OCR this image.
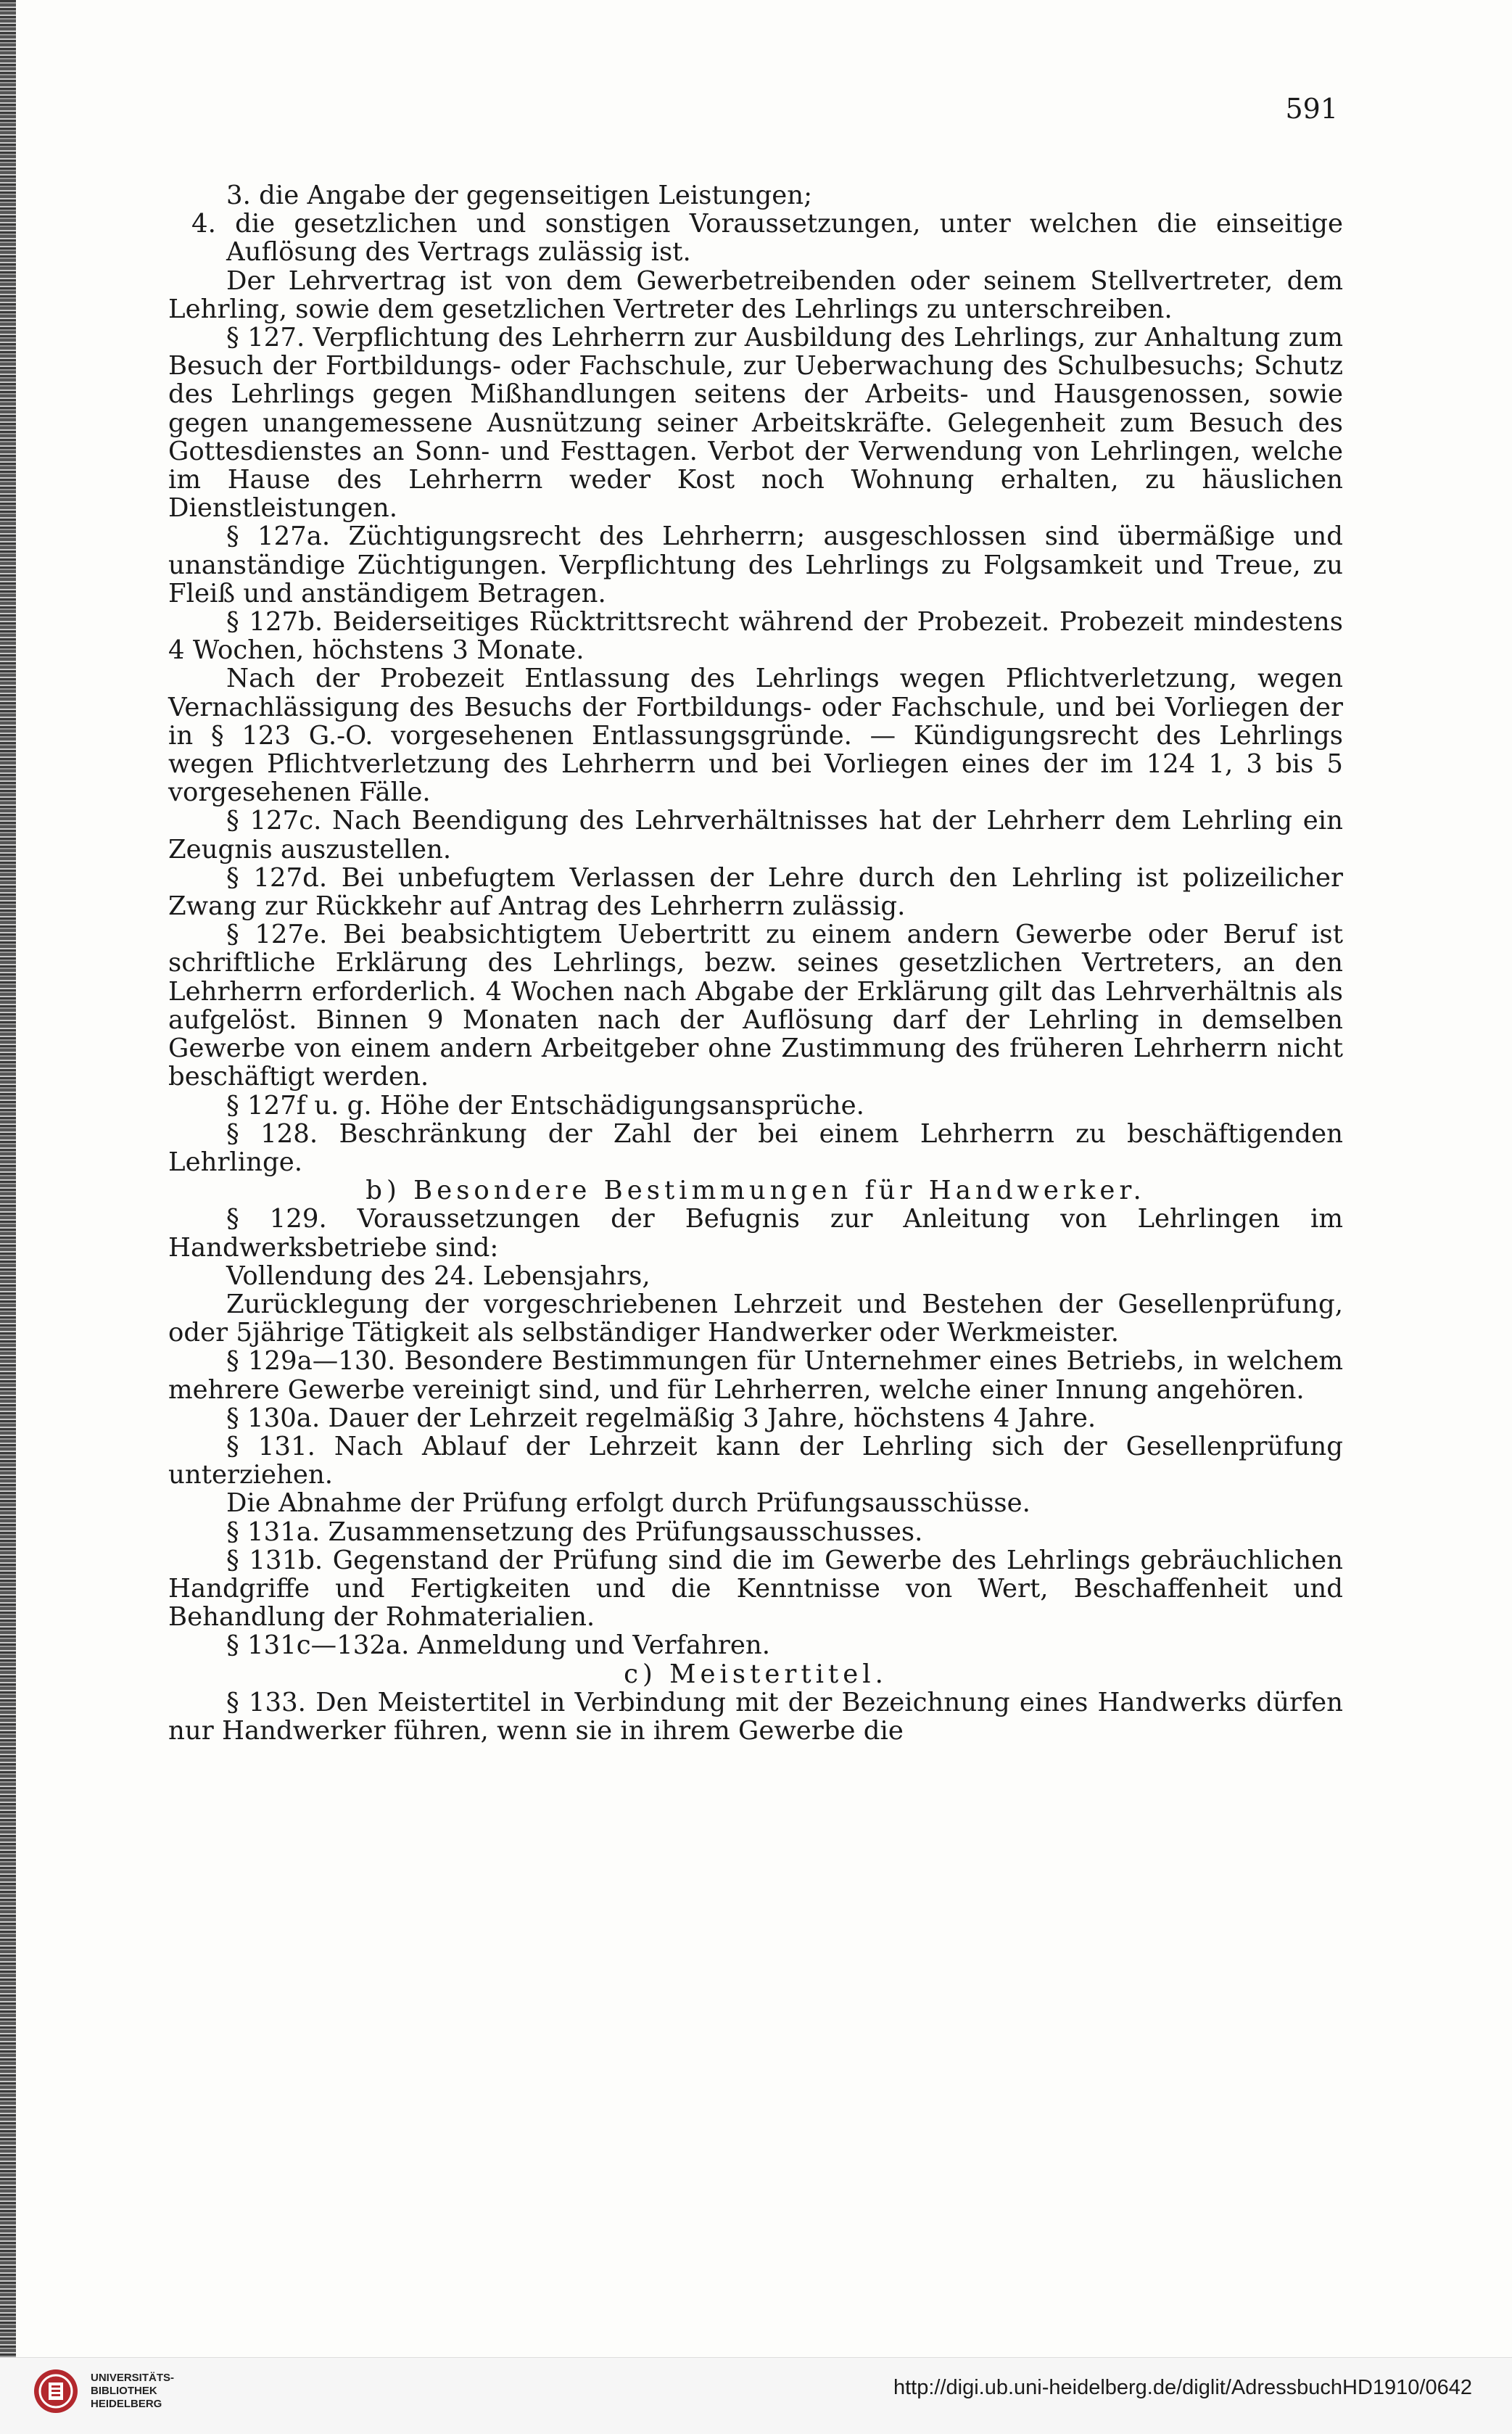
591

3. die Angabe der gegenseitigen Leistungen;

4. die gesetzlichen und sonstigen Voraussetzungen, unter welchen die einseitige Auflösung des Vertrags zulässig ist.

Der Lehrvertrag ist von dem Gewerbetreibenden oder seinem Stellvertreter, dem Lehrling, sowie dem gesetzlichen Vertreter des Lehrlings zu unterschreiben.

§ 127. Verpflichtung des Lehrherrn zur Ausbildung des Lehrlings, zur Anhaltung zum Besuch der Fortbildungs- oder Fachschule, zur Ueberwachung des Schulbesuchs; Schutz des Lehrlings gegen Mißhandlungen seitens der Arbeits- und Hausgenossen, sowie gegen unangemessene Ausnützung seiner Arbeitskräfte. Gelegenheit zum Besuch des Gottesdienstes an Sonn- und Festtagen. Verbot der Verwendung von Lehrlingen, welche im Hause des Lehrherrn weder Kost noch Wohnung erhalten, zu häuslichen Dienstleistungen.

§ 127a. Züchtigungsrecht des Lehrherrn; ausgeschlossen sind übermäßige und unanständige Züchtigungen. Verpflichtung des Lehrlings zu Folgsamkeit und Treue, zu Fleiß und anständigem Betragen.

§ 127b. Beiderseitiges Rücktrittsrecht während der Probezeit. Probezeit mindestens 4 Wochen, höchstens 3 Monate.

Nach der Probezeit Entlassung des Lehrlings wegen Pflichtverletzung, wegen Vernachlässigung des Besuchs der Fortbildungs- oder Fachschule, und bei Vorliegen der in § 123 G.-O. vorgesehenen Entlassungsgründe. — Kündigungsrecht des Lehrlings wegen Pflichtverletzung des Lehrherrn und bei Vorliegen eines der im 124 1, 3 bis 5 vorgesehenen Fälle.

§ 127c. Nach Beendigung des Lehrverhältnisses hat der Lehrherr dem Lehrling ein Zeugnis auszustellen.

§ 127d. Bei unbefugtem Verlassen der Lehre durch den Lehrling ist polizeilicher Zwang zur Rückkehr auf Antrag des Lehrherrn zulässig.

§ 127e. Bei beabsichtigtem Uebertritt zu einem andern Gewerbe oder Beruf ist schriftliche Erklärung des Lehrlings, bezw. seines gesetzlichen Vertreters, an den Lehrherrn erforderlich. 4 Wochen nach Abgabe der Erklärung gilt das Lehrverhältnis als aufgelöst. Binnen 9 Monaten nach der Auflösung darf der Lehrling in demselben Gewerbe von einem andern Arbeitgeber ohne Zustimmung des früheren Lehrherrn nicht beschäftigt werden.

§ 127f u. g. Höhe der Entschädigungsansprüche.

§ 128. Beschränkung der Zahl der bei einem Lehrherrn zu beschäftigenden Lehrlinge.

b) Besondere Bestimmungen für Handwerker.

§ 129. Voraussetzungen der Befugnis zur Anleitung von Lehrlingen im Handwerksbetriebe sind:

Vollendung des 24. Lebensjahrs,

Zurücklegung der vorgeschriebenen Lehrzeit und Bestehen der Gesellenprüfung, oder 5jährige Tätigkeit als selbständiger Handwerker oder Werkmeister.

§ 129a—130. Besondere Bestimmungen für Unternehmer eines Betriebs, in welchem mehrere Gewerbe vereinigt sind, und für Lehrherren, welche einer Innung angehören.

§ 130a. Dauer der Lehrzeit regelmäßig 3 Jahre, höchstens 4 Jahre.

§ 131. Nach Ablauf der Lehrzeit kann der Lehrling sich der Gesellenprüfung unterziehen.

Die Abnahme der Prüfung erfolgt durch Prüfungsausschüsse.

§ 131a. Zusammensetzung des Prüfungsausschusses.

§ 131b. Gegenstand der Prüfung sind die im Gewerbe des Lehrlings gebräuchlichen Handgriffe und Fertigkeiten und die Kenntnisse von Wert, Beschaffenheit und Behandlung der Rohmaterialien.

§ 131c—132a. Anmeldung und Verfahren.

c) Meistertitel.

§ 133. Den Meistertitel in Verbindung mit der Bezeichnung eines Handwerks dürfen nur Handwerker führen, wenn sie in ihrem Gewerbe die

UNIVERSITÄTS-
BIBLIOTHEK
HEIDELBERG
http://digi.ub.uni-heidelberg.de/diglit/AdressbuchHD1910/0642
